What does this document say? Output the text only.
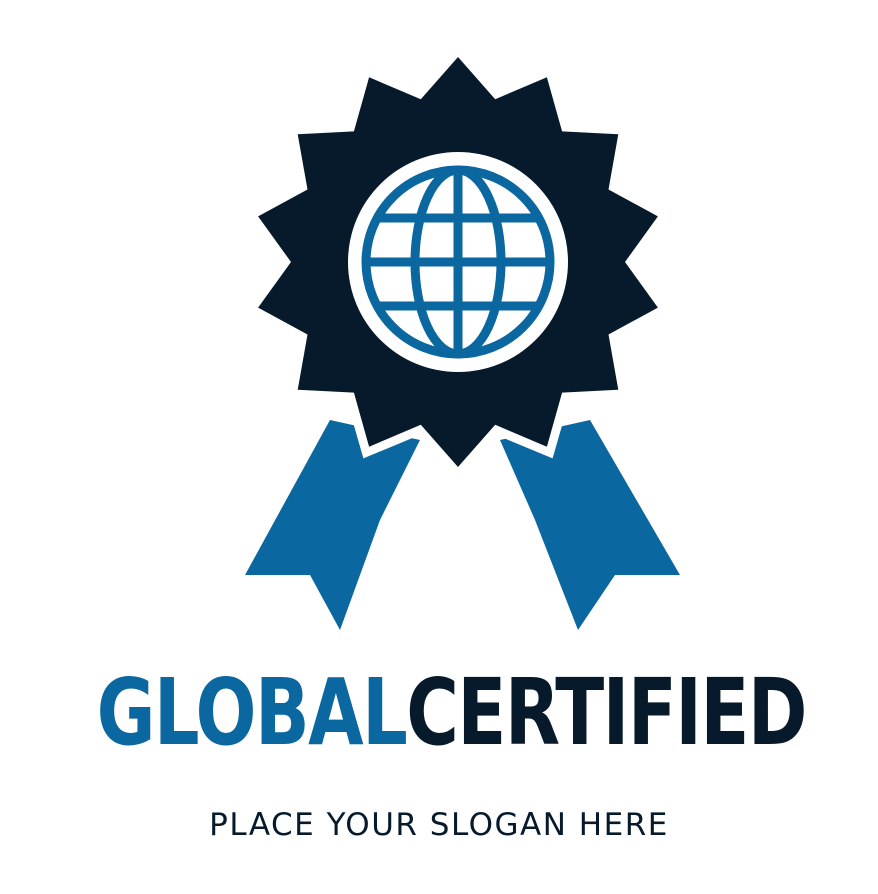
GLOBALCERTIFIED
PLACE YOUR SLOGAN HERE
